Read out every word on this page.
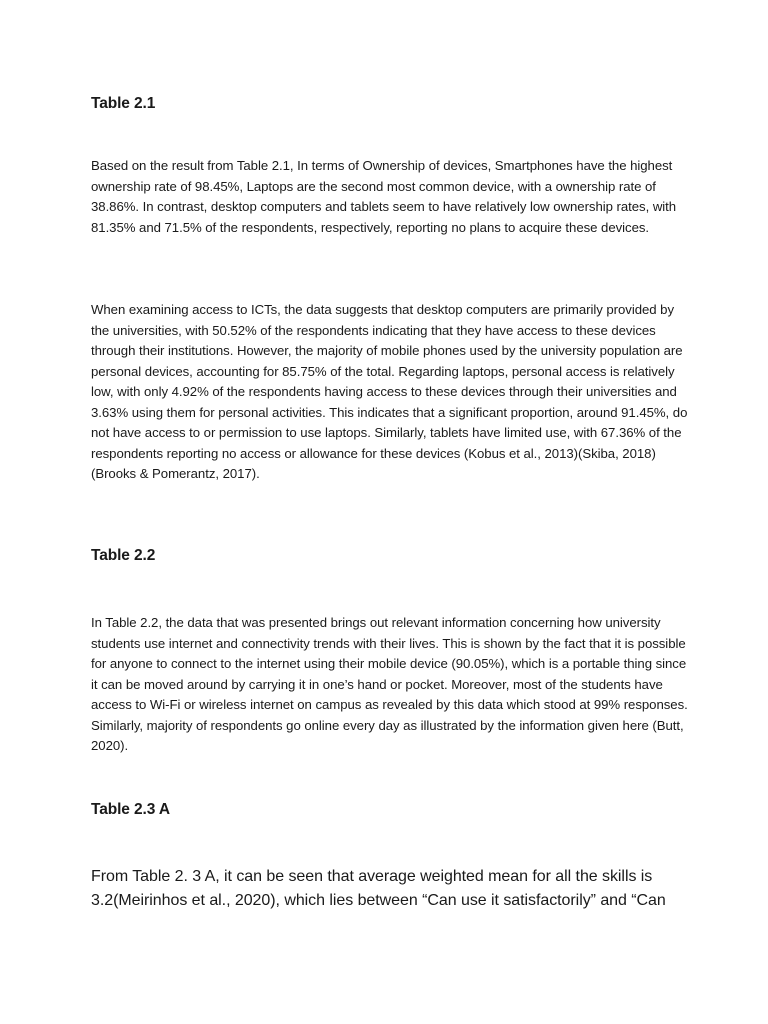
Table 2.1

Based on the result from Table 2.1, In terms of Ownership of devices, Smartphones have the highest ownership rate of 98.45%, Laptops are the second most common device, with a ownership rate of 38.86%. In contrast, desktop computers and tablets seem to have relatively low ownership rates, with 81.35% and 71.5% of the respondents, respectively, reporting no plans to acquire these devices.

When examining access to ICTs, the data suggests that desktop computers are primarily provided by the universities, with 50.52% of the respondents indicating that they have access to these devices through their institutions. However, the majority of mobile phones used by the university population are personal devices, accounting for 85.75% of the total. Regarding laptops, personal access is relatively low, with only 4.92% of the respondents having access to these devices through their universities and 3.63% using them for personal activities. This indicates that a significant proportion, around 91.45%, do not have access to or permission to use laptops. Similarly, tablets have limited use, with 67.36% of the respondents reporting no access or allowance for these devices (Kobus et al., 2013)(Skiba, 2018)(Brooks & Pomerantz, 2017).

Table 2.2

In Table 2.2, the data that was presented brings out relevant information concerning how university students use internet and connectivity trends with their lives. This is shown by the fact that it is possible for anyone to connect to the internet using their mobile device (90.05%), which is a portable thing since it can be moved around by carrying it in one’s hand or pocket. Moreover, most of the students have access to Wi-Fi or wireless internet on campus as revealed by this data which stood at 99% responses. Similarly, majority of respondents go online every day as illustrated by the information given here (Butt, 2020).

Table 2.3 A

From Table 2. 3 A, it can be seen that average weighted mean for all the skills is 3.2(Meirinhos et al., 2020), which lies between “Can use it satisfactorily” and “Can
